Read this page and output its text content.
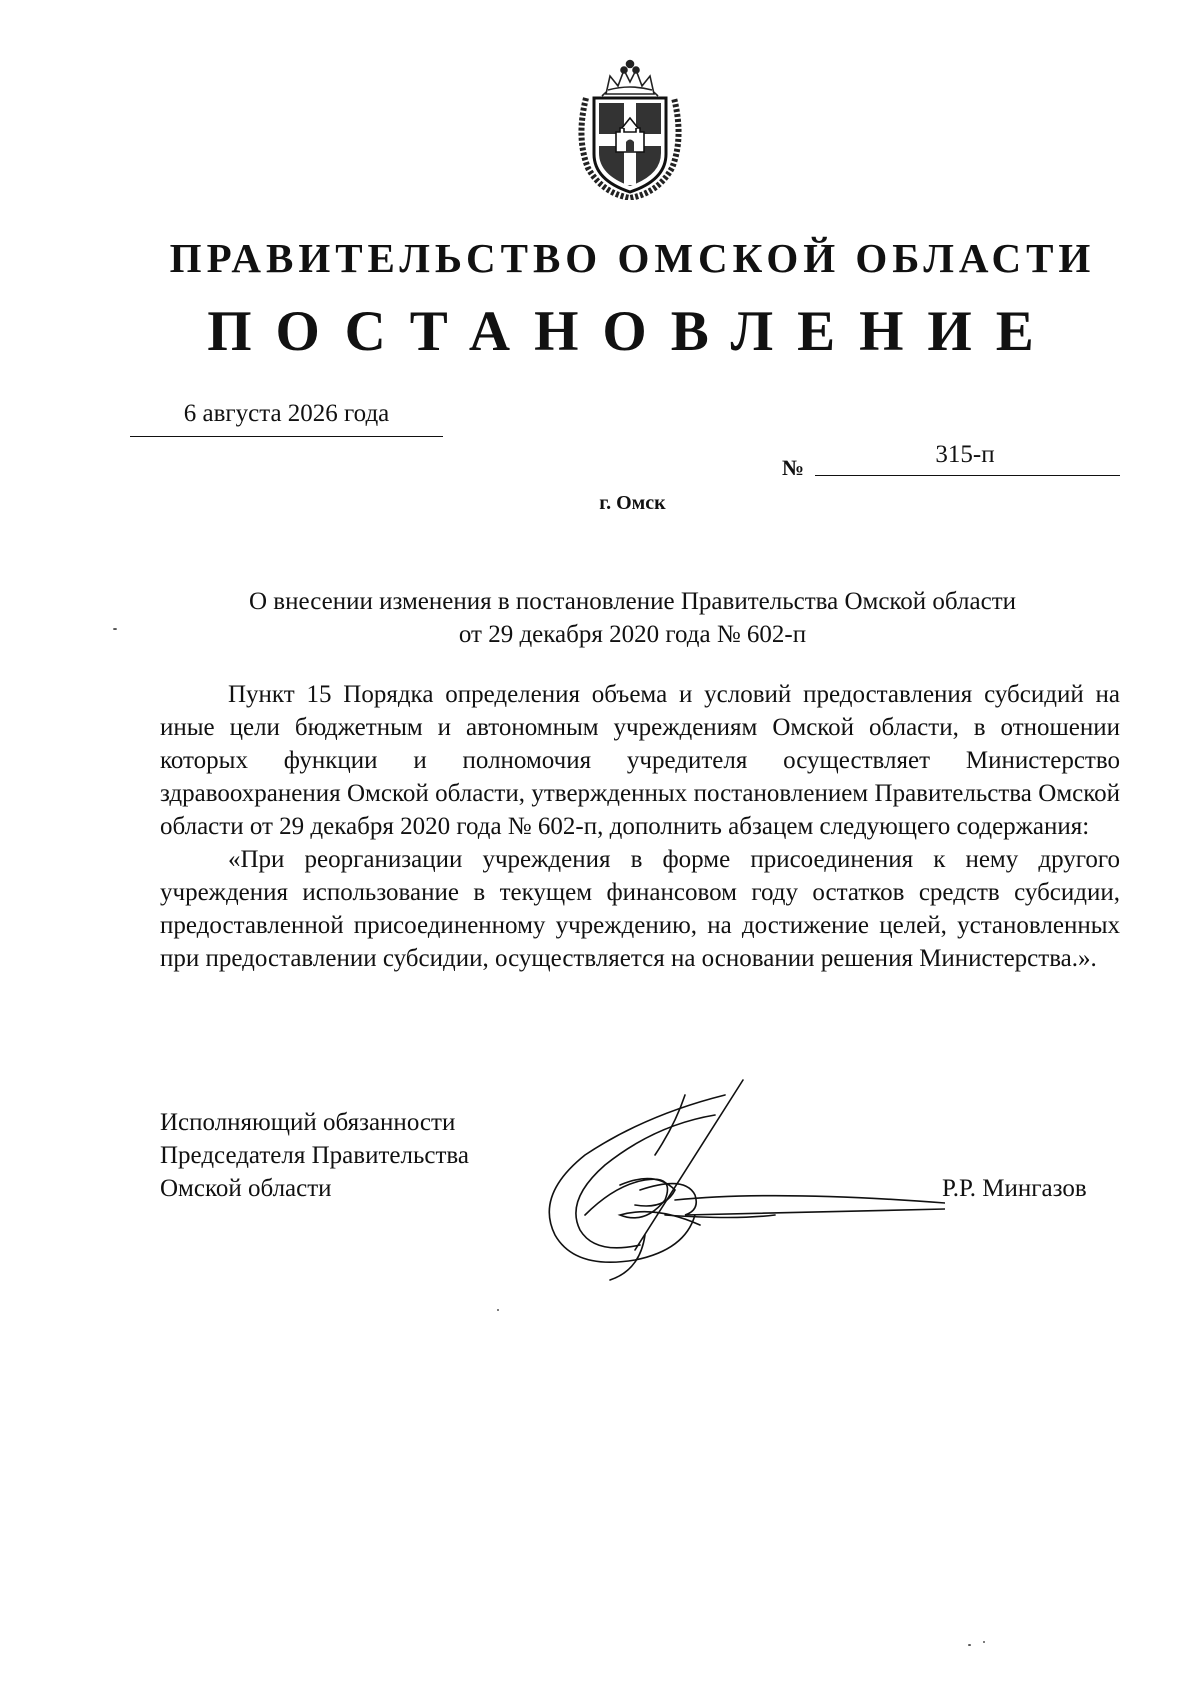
ПРАВИТЕЛЬСТВО ОМСКОЙ ОБЛАСТИ
ПОСТАНОВЛЕНИЕ
6 августа 2026 года
№	315-п
г. Омск
О внесении изменения в постановление Правительства Омской области
от 29 декабря 2020 года № 602-п

Пункт 15 Порядка определения объема и условий предоставления субсидий на иные цели бюджетным и автономным учреждениям Омской области, в отношении которых функции и полномочия учредителя осуществляет Министерство здравоохранения Омской области, утвержденных постановлением Правительства Омской области от 29 декабря 2020 года № 602-п, дополнить абзацем следующего содержания:

«При реорганизации учреждения в форме присоединения к нему другого учреждения использование в текущем финансовом году остатков средств субсидии, предоставленной присоединенному учреждению, на достижение целей, установленных при предоставлении субсидии, осуществляется на основании решения Министерства.».

Исполняющий обязанности
Председателя Правительства
Омской области	Р.Р. Мингазов
